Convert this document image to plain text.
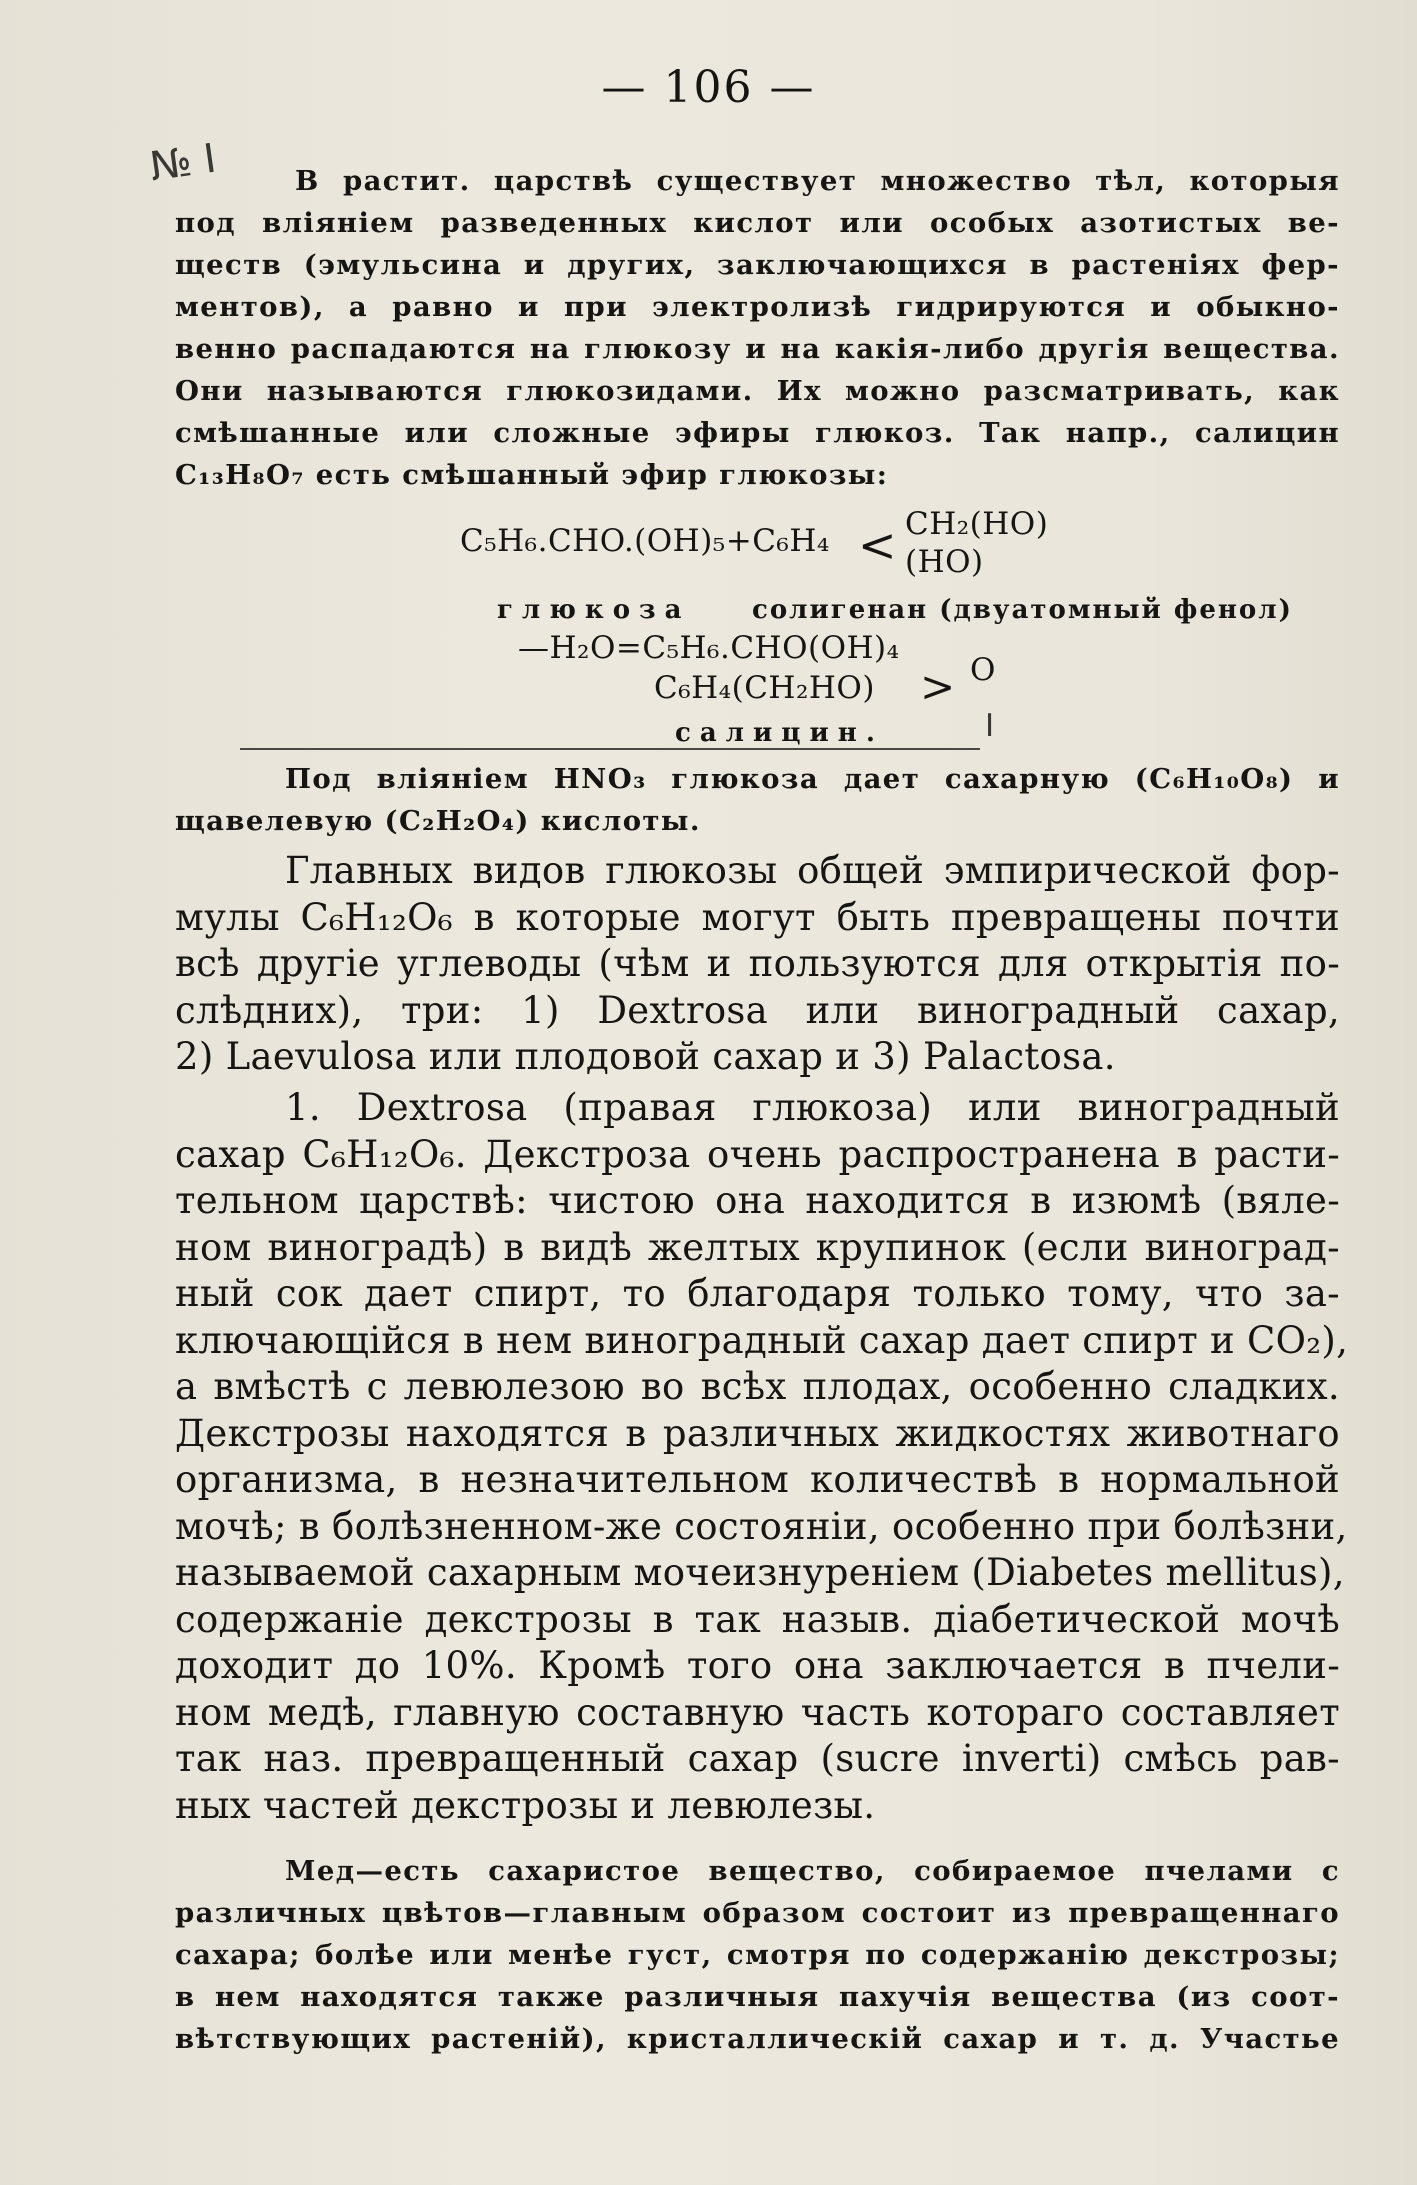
— 106 —
№ I	В растит. царствѣ существует множество тѣл, которыя
под вліяніем разведенных кислот или особых азотистых ве-
ществ (эмульсина и других, заключающихся в растеніях фер-
ментов), а равно и при электролизѣ гидрируются и обыкно-
венно распадаются на глюкозу и на какія-либо другія вещества.
Они называются глюкозидами. Их можно разсматривать, как
смѣшанные или сложные эфиры глюкоз. Так напр., салицин
C₁₃H₈O₇ есть смѣшанный эфир глюкозы:
C₅H₆.CHO.(OH)₅+C₆H₄ < CH₂(HO)
(HO)
глюкоза солигенан (двуатомный фенол)
—H₂O=C₅H₆.CHO(OH)₄
C₆H₄(CH₂HO) > O
салицин.	I
Под вліяніем HNO₃ глюкоза дает сахарную (C₆H₁₀O₈) и
щавелевую (C₂H₂O₄) кислоты.
Главных видов глюкозы общей эмпирической фор-
мулы C₆H₁₂O₆ в которые могут быть превращены почти
всѣ другіе углеводы (чѣм и пользуются для открытія по-
слѣдних), три: 1) Dextrosa или виноградный сахар,
2) Laevulosa или плодовой сахар и 3) Palactosa.
1. Dextrosa (правая глюкоза) или виноградный
сахар C₆H₁₂O₆. Декстроза очень распространена в расти-
тельном царствѣ: чистою она находится в изюмѣ (вяле-
ном виноградѣ) в видѣ желтых крупинок (если виноград-
ный сок дает спирт, то благодаря только тому, что за-
ключающійся в нем виноградный сахар дает спирт и CO₂),
а вмѣстѣ с левюлезою во всѣх плодах, особенно сладких.
Декстрозы находятся в различных жидкостях животнаго
организма, в незначительном количествѣ в нормальной
мочѣ; в болѣзненном-же состояніи, особенно при болѣзни,
называемой сахарным мочеизнуреніем (Diabetes mellitus),
содержаніе декстрозы в так назыв. діабетической мочѣ
доходит до 10%. Кромѣ того она заключается в пчели-
ном медѣ, главную составную часть котораго составляет
так наз. превращенный сахар (sucre inverti) смѣсь рав-
ных частей декстрозы и левюлезы.
Мед—есть сахаристое вещество, собираемое пчелами с
различных цвѣтов—главным образом состоит из превращеннаго
сахара; болѣе или менѣе густ, смотря по содержанію декстрозы;
в нем находятся также различныя пахучія вещества (из соот-
вѣтствующих растеній), кристаллическій сахар и т. д. Участье
